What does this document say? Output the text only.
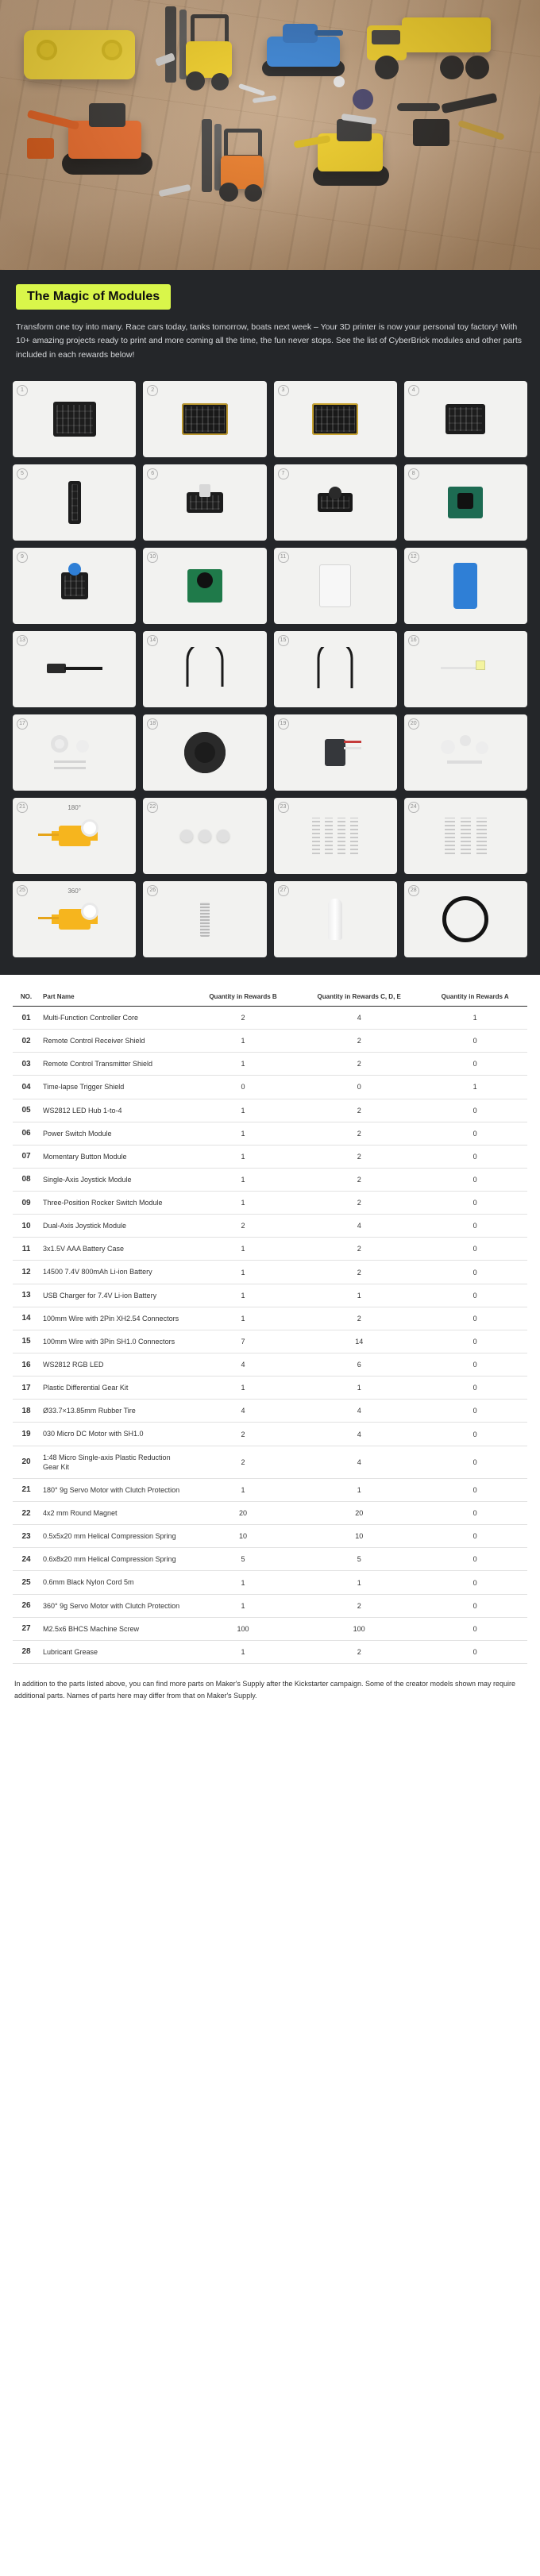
The Magic of Modules
Transform one toy into many. Race cars today, tanks tomorrow, boats next week – Your 3D printer is now your personal toy factory! With 10+ amazing projects ready to print and more coming all the time, the fun never stops. See the list of CyberBrick modules and other parts included in each rewards below!
1	2	3	4
5	6	7	8
9	10	11	12
13	14	15	16
17	18	19	20
21	180°	22	23	24
25	360°	26	27	28
NO.	Part Name	Quantity in Rewards B	Quantity in Rewards C, D, E	Quantity in Rewards A
01	Multi-Function Controller Core	2	4	1
02	Remote Control Receiver Shield	1	2	0
03	Remote Control Transmitter Shield	1	2	0
04	Time-lapse Trigger Shield	0	0	1
05	WS2812 LED Hub 1-to-4	1	2	0
06	Power Switch Module	1	2	0
07	Momentary Button Module	1	2	0
08	Single-Axis Joystick Module	1	2	0
09	Three-Position Rocker Switch Module	1	2	0
10	Dual-Axis Joystick Module	2	4	0
11	3x1.5V AAA Battery Case	1	2	0
12	14500 7.4V 800mAh Li-ion Battery	1	2	0
13	USB Charger for 7.4V Li-ion Battery	1	1	0
14	100mm Wire with 2Pin XH2.54 Connectors	1	2	0
15	100mm Wire with 3Pin SH1.0 Connectors	7	14	0
16	WS2812 RGB LED	4	6	0
17	Plastic Differential Gear Kit	1	1	0
18	Ø33.7×13.85mm Rubber Tire	4	4	0
19	030 Micro DC Motor with SH1.0	2	4	0
20	1:48 Micro Single-axis Plastic Reduction Gear Kit	2	4	0
21	180° 9g Servo Motor with Clutch Protection	1	1	0
22	4x2 mm Round Magnet	20	20	0
23	0.5x5x20 mm Helical Compression Spring	10	10	0
24	0.6x8x20 mm Helical Compression Spring	5	5	0
25	0.6mm Black Nylon Cord 5m	1	1	0
26	360° 9g Servo Motor with Clutch Protection	1	2	0
27	M2.5x6 BHCS Machine Screw	100	100	0
28	Lubricant Grease	1	2	0
In addition to the parts listed above, you can find more parts on Maker's Supply after the Kickstarter campaign. Some of the creator models shown may require additional parts. Names of parts here may differ from that on Maker's Supply.
